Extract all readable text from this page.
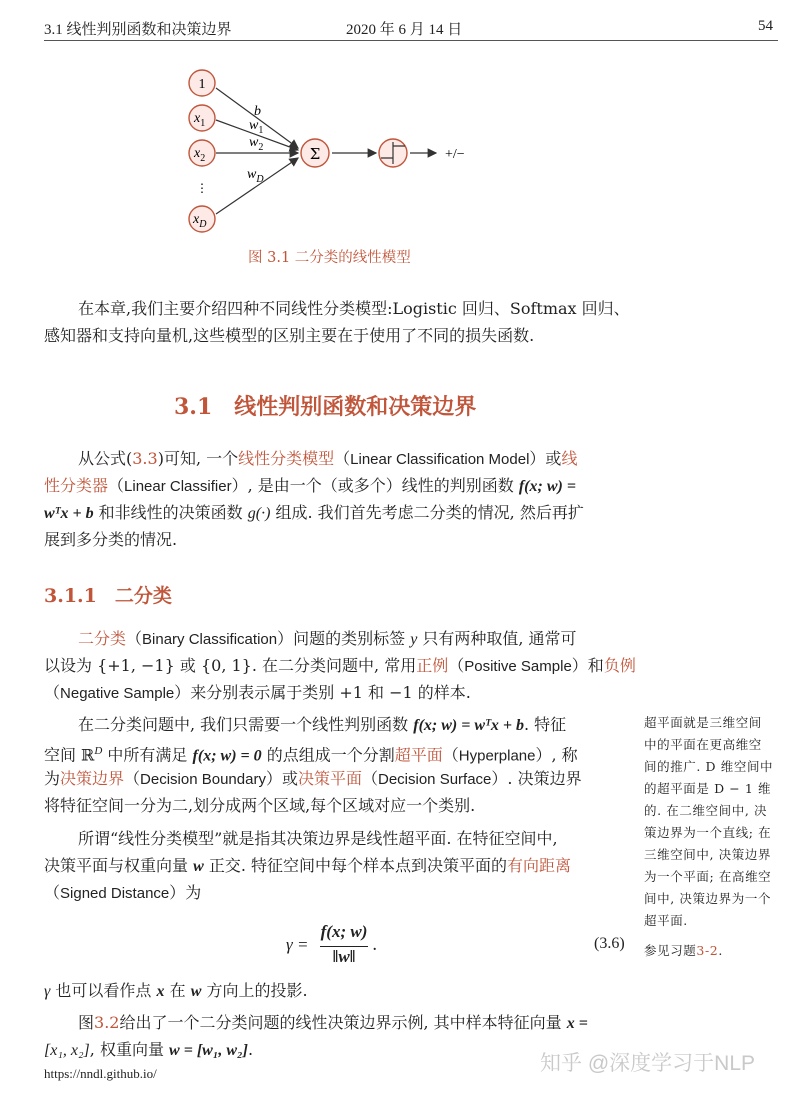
3.1 线性判别函数和决策边界	2020 年 6 月 14 日	54
1
$x_1$
$x_2$
⋮
$x_D$
b
$w_1$
$w_2$
$w_D$
Σ	+/−
图 3.1 二分类的线性模型
在本章,我们主要介绍四种不同线性分类模型:Logistic 回归、Softmax 回归、
感知器和支持向量机,这些模型的区别主要在于使用了不同的损失函数.
3.1 线性判别函数和决策边界
从公式(3.3)可知, 一个线性分类模型（Linear Classification Model）或线
性分类器（Linear Classifier）, 是由一个（或多个）线性的判别函数 f(x; w) =
wᵀx + b 和非线性的决策函数 g(·) 组成. 我们首先考虑二分类的情况, 然后再扩
展到多分类的情况.
3.1.1 二分类
二分类（Binary Classification）问题的类别标签 y 只有两种取值, 通常可
以设为 {+1, −1} 或 {0, 1}. 在二分类问题中, 常用正例（Positive Sample）和负例
（Negative Sample）来分别表示属于类别 +1 和 −1 的样本.
在二分类问题中, 我们只需要一个线性判别函数 f(x; w) = wᵀx + b. 特征
空间 ℝ$^D$ 中所有满足 f(x; w) = 0 的点组成一个分割超平面（Hyperplane）, 称
为决策边界（Decision Boundary）或决策平面（Decision Surface）. 决策边界
将特征空间一分为二,划分成两个区域,每个区域对应一个类别.
所谓“线性分类模型”就是指其决策边界是线性超平面. 在特征空间中,
决策平面与权重向量 w 正交. 特征空间中每个样本点到决策平面的有向距离
（Signed Distance）为
γ =
f(x; w)
‖w‖
.	(3.6)
γ 也可以看作点 x 在 w 方向上的投影.
图3.2给出了一个二分类问题的线性决策边界示例, 其中样本特征向量 x =
[x₁, x₂], 权重向量 w = [w₁, w₂].
超平面就是三维空间
中的平面在更高维空
间的推广. D 维空间中
的超平面是 D − 1 维
的. 在二维空间中, 决
策边界为一个直线; 在
三维空间中, 决策边界
为一个平面; 在高维空
间中, 决策边界为一个
超平面.
参见习题3-2.
https://nndl.github.io/	知乎 @深度学习于NLP
